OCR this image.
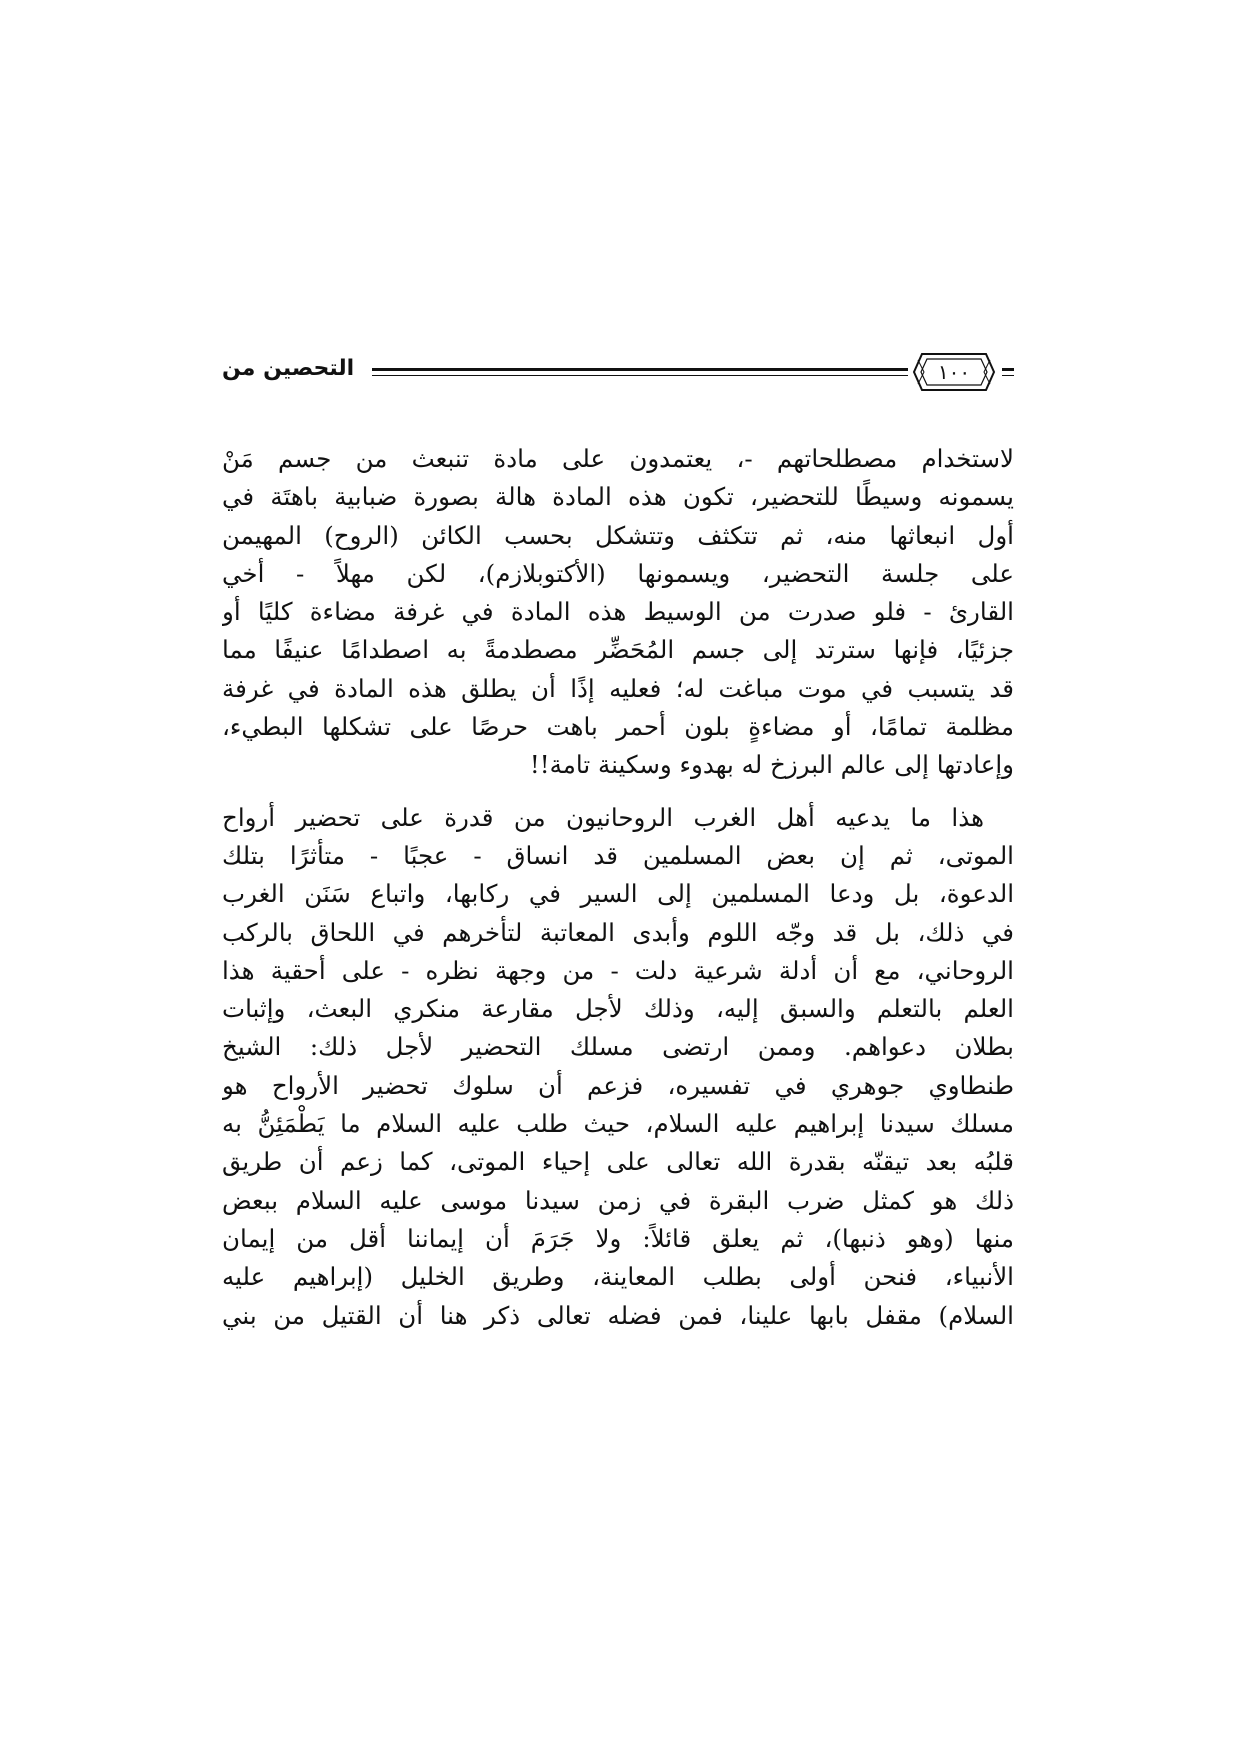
التحصين من	١٠٠

لاستخدام مصطلحاتهم -، يعتمدون على مادة تنبعث من جسم مَنْ
يسمونه وسيطًا للتحضير، تكون هذه المادة هالة بصورة ضبابية باهتَة في
أول انبعاثها منه، ثم تتكثف وتتشكل بحسب الكائن (الروح) المهيمن
على جلسة التحضير، ويسمونها (الأكتوبلازم)، لكن مهلاً - أخي
القارئ - فلو صدرت من الوسيط هذه المادة في غرفة مضاءة كليًا أو
جزئيًا، فإنها سترتد إلى جسم المُحَضِّر مصطدمةً به اصطدامًا عنيفًا مما
قد يتسبب في موت مباغت له؛ فعليه إذًا أن يطلق هذه المادة في غرفة
مظلمة تمامًا، أو مضاءةٍ بلون أحمر باهت حرصًا على تشكلها البطيء،
وإعادتها إلى عالم البرزخ له بهدوء وسكينة تامة!!

هذا ما يدعيه أهل الغرب الروحانيون من قدرة على تحضير أرواح
الموتى، ثم إن بعض المسلمين قد انساق - عجبًا - متأثرًا بتلك
الدعوة، بل ودعا المسلمين إلى السير في ركابها، واتباع سَنَن الغرب
في ذلك، بل قد وجّه اللوم وأبدى المعاتبة لتأخرهم في اللحاق بالركب
الروحاني، مع أن أدلة شرعية دلت - من وجهة نظره - على أحقية هذا
العلم بالتعلم والسبق إليه، وذلك لأجل مقارعة منكري البعث، وإثبات
بطلان دعواهم. وممن ارتضى مسلك التحضير لأجل ذلك: الشيخ
طنطاوي جوهري في تفسيره، فزعم أن سلوك تحضير الأرواح هو
مسلك سيدنا إبراهيم عليه السلام، حيث طلب عليه السلام ما يَطْمَئِنُّ به
قلبُه بعد تيقنّه بقدرة الله تعالى على إحياء الموتى، كما زعم أن طريق
ذلك هو كمثل ضرب البقرة في زمن سيدنا موسى عليه السلام ببعض
منها (وهو ذنبها)، ثم يعلق قائلاً: ولا جَرَمَ أن إيماننا أقل من إيمان
الأنبياء، فنحن أولى بطلب المعاينة، وطريق الخليل (إبراهيم عليه
السلام) مقفل بابها علينا، فمن فضله تعالى ذكر هنا أن القتيل من بني
